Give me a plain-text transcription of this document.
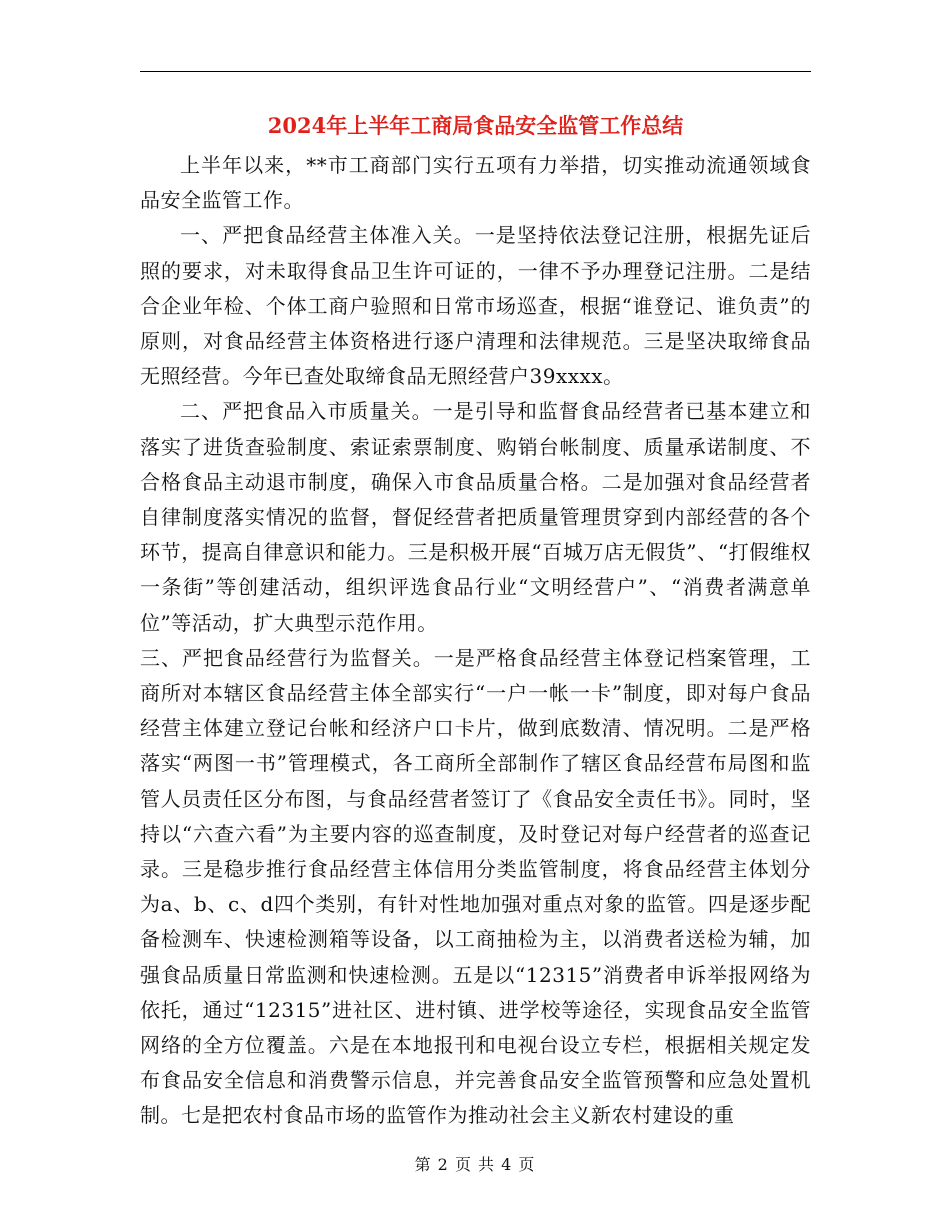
2024年上半年工商局食品安全监管工作总结

上半年以来，**市工商部门实行五项有力举措，切实推动流通领域食品安全监管工作。

一、严把食品经营主体准入关。一是坚持依法登记注册，根据先证后照的要求，对未取得食品卫生许可证的，一律不予办理登记注册。二是结合企业年检、个体工商户验照和日常市场巡查，根据“谁登记、谁负责”的原则，对食品经营主体资格进行逐户清理和法律规范。三是坚决取缔食品无照经营。今年已查处取缔食品无照经营户39xxxx。

二、严把食品入市质量关。一是引导和监督食品经营者已基本建立和落实了进货查验制度、索证索票制度、购销台帐制度、质量承诺制度、不合格食品主动退市制度，确保入市食品质量合格。二是加强对食品经营者自律制度落实情况的监督，督促经营者把质量管理贯穿到内部经营的各个环节，提高自律意识和能力。三是积极开展“百城万店无假货”、“打假维权一条街”等创建活动，组织评选食品行业“文明经营户”、“消费者满意单位”等活动，扩大典型示范作用。

三、严把食品经营行为监督关。一是严格食品经营主体登记档案管理，工商所对本辖区食品经营主体全部实行“一户一帐一卡”制度，即对每户食品经营主体建立登记台帐和经济户口卡片，做到底数清、情况明。二是严格落实“两图一书”管理模式，各工商所全部制作了辖区食品经营布局图和监管人员责任区分布图，与食品经营者签订了《食品安全责任书》。同时，坚持以“六查六看”为主要内容的巡查制度，及时登记对每户经营者的巡查记录。三是稳步推行食品经营主体信用分类监管制度，将食品经营主体划分为a、b、c、d四个类别，有针对性地加强对重点对象的监管。四是逐步配备检测车、快速检测箱等设备，以工商抽检为主，以消费者送检为辅，加强食品质量日常监测和快速检测。五是以“12315”消费者申诉举报网络为依托，通过“12315”进社区、进村镇、进学校等途径，实现食品安全监管网络的全方位覆盖。六是在本地报刊和电视台设立专栏，根据相关规定发布食品安全信息和消费警示信息，并完善食品安全监管预警和应急处置机制。七是把农村食品市场的监管作为推动社会主义新农村建设的重

第 2 页 共 4 页
